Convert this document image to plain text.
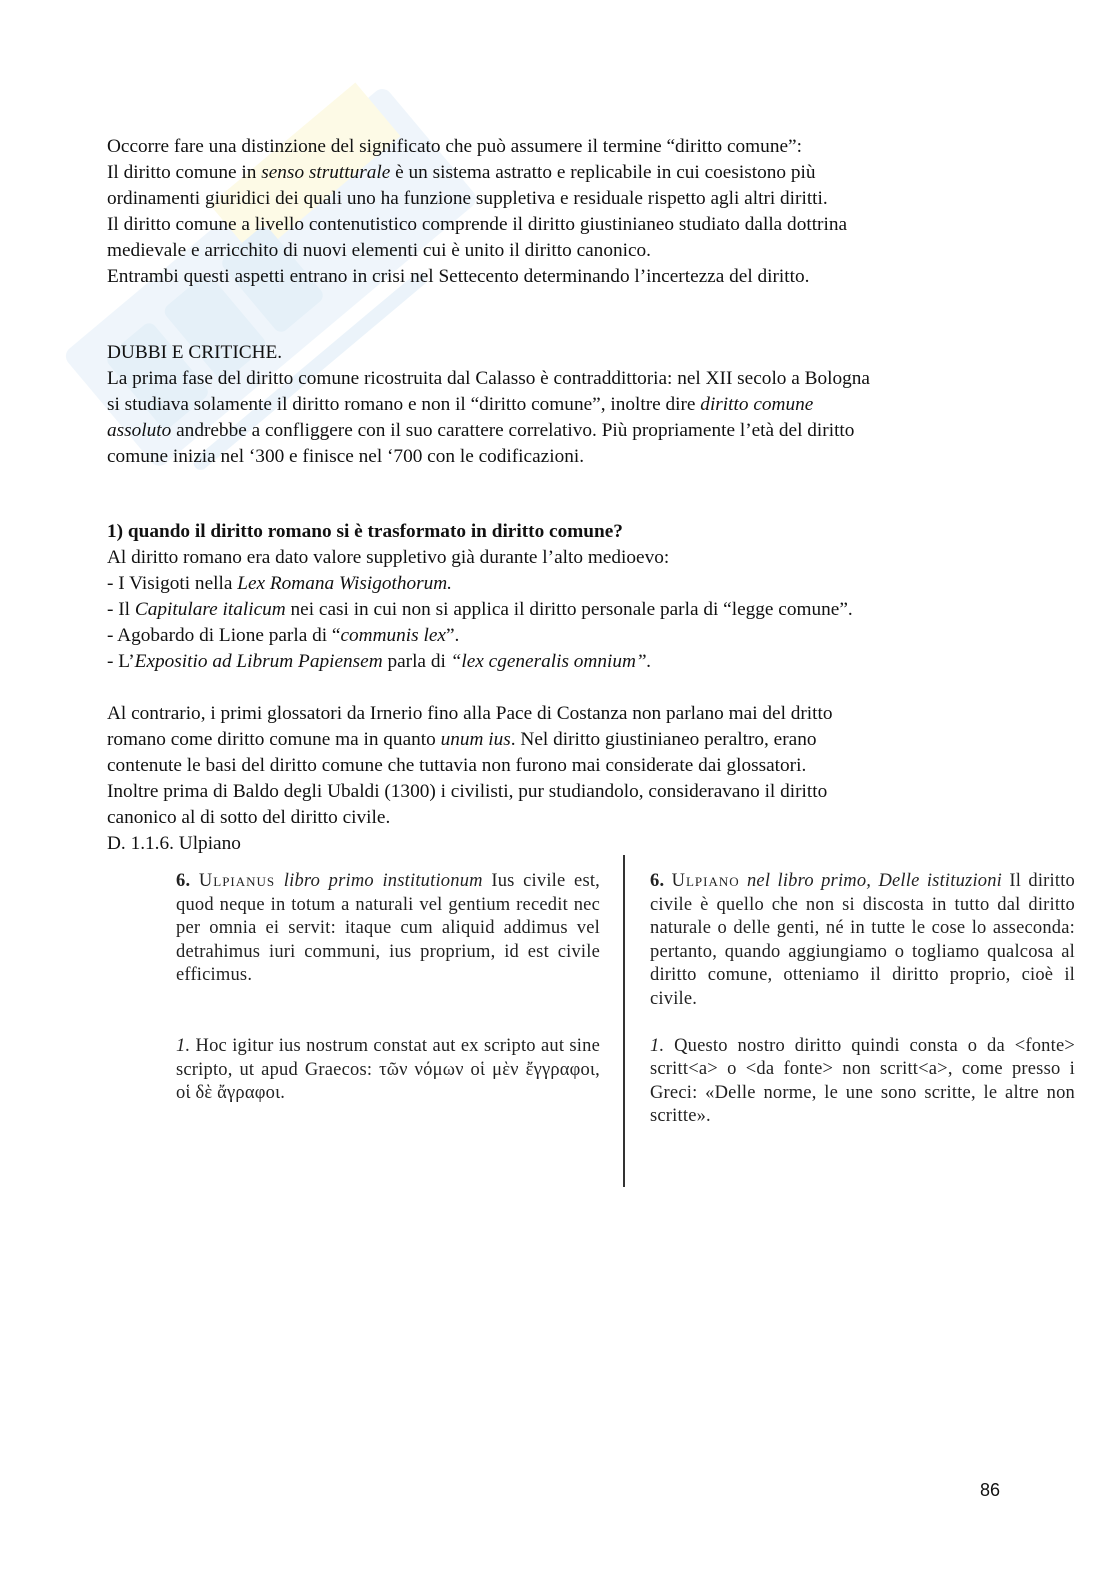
Occorre fare una distinzione del significato che può assumere il termine “diritto comune”:
Il diritto comune in senso strutturale è un sistema astratto e replicabile in cui coesistono più
ordinamenti giuridici dei quali uno ha funzione suppletiva e residuale rispetto agli altri diritti.
Il diritto comune a livello contenutistico comprende il diritto giustinianeo studiato dalla dottrina
medievale e arricchito di nuovi elementi cui è unito il diritto canonico.
Entrambi questi aspetti entrano in crisi nel Settecento determinando l’incertezza del diritto.
DUBBI E CRITICHE.
La prima fase del diritto comune ricostruita dal Calasso è contraddittoria: nel XII secolo a Bologna
si studiava solamente il diritto romano e non il “diritto comune”, inoltre dire diritto comune
assoluto andrebbe a confliggere con il suo carattere correlativo. Più propriamente l’età del diritto
comune inizia nel ‘300 e finisce nel ‘700 con le codificazioni.
1) quando il diritto romano si è trasformato in diritto comune?
Al diritto romano era dato valore suppletivo già durante l’alto medioevo:
- I Visigoti nella Lex Romana Wisigothorum.
- Il Capitulare italicum nei casi in cui non si applica il diritto personale parla di “legge comune”.
- Agobardo di Lione parla di “communis lex”.
- L’Expositio ad Librum Papiensem parla di “lex cgeneralis omnium”.
Al contrario, i primi glossatori da Irnerio fino alla Pace di Costanza non parlano mai del dritto
romano come diritto comune ma in quanto unum ius. Nel diritto giustinianeo peraltro, erano
contenute le basi del diritto comune che tuttavia non furono mai considerate dai glossatori.
Inoltre prima di Baldo degli Ubaldi (1300) i civilisti, pur studiandolo, consideravano il diritto
canonico al di sotto del diritto civile.
D. 1.1.6. Ulpiano

6. Ulpianus libro primo institutionum Ius civile est, quod neque in totum a naturali vel gentium recedit nec per omnia ei servit: itaque cum aliquid addimus vel detrahimus iuri communi, ius proprium, id est civile efficimus.

1. Hoc igitur ius nostrum constat aut ex scripto aut sine scripto, ut apud Graecos: τῶν νόμων οἱ μὲν ἔγγραφοι, οἱ δὲ ἄγραφοι.

6. Ulpiano nel libro primo, Delle istituzioni Il diritto civile è quello che non si discosta in tutto dal diritto naturale o delle genti, né in tutte le cose lo asseconda: pertanto, quando aggiungiamo o togliamo qualcosa al diritto comune, otteniamo il diritto proprio, cioè il civile.

1. Questo nostro diritto quindi consta o da <fonte> scritt<a> o <da fonte> non scritt<a>, come presso i Greci: «Delle norme, le une sono scritte, le altre non scritte».

86
